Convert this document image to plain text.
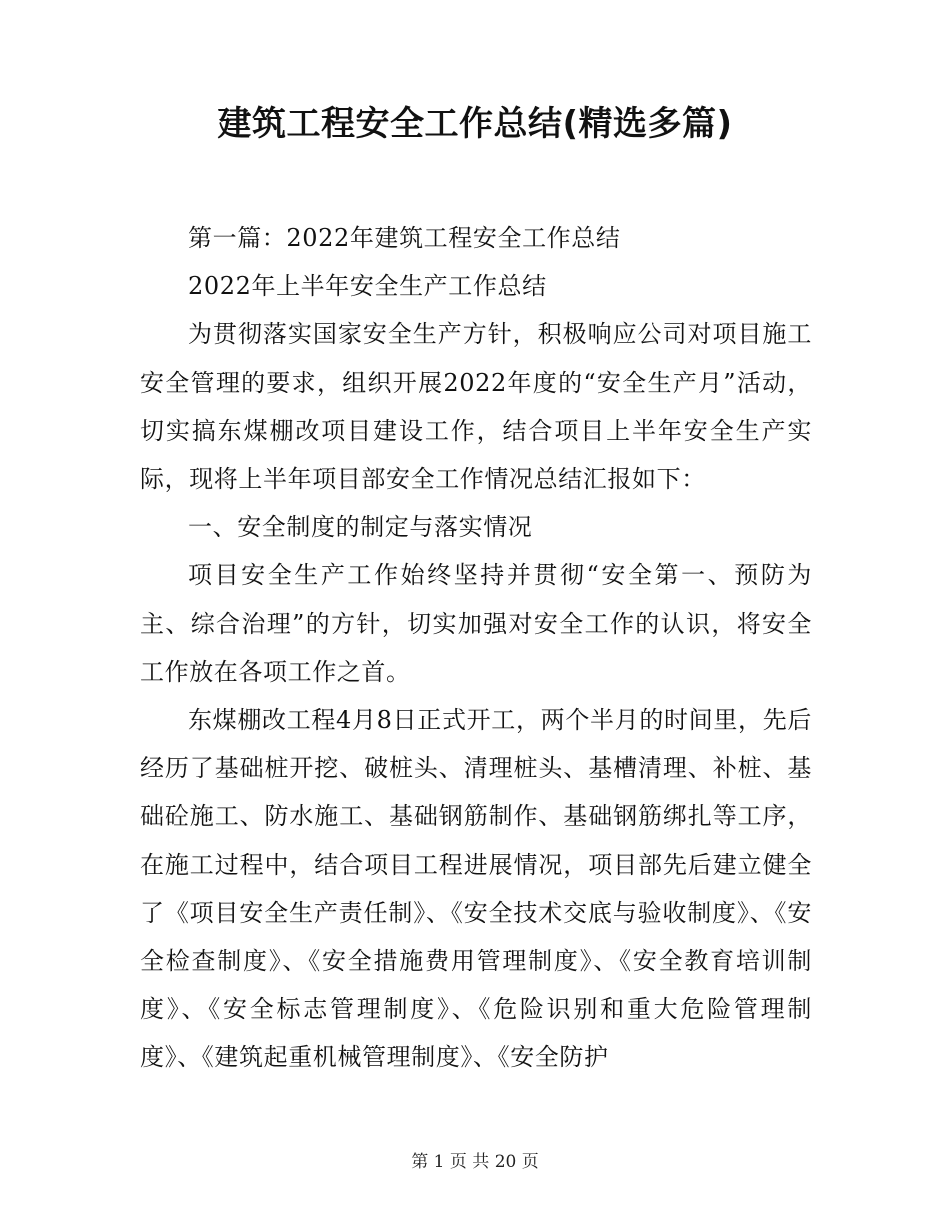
建筑工程安全工作总结(精选多篇)

第一篇：2022年建筑工程安全工作总结

2022年上半年安全生产工作总结

为贯彻落实国家安全生产方针，积极响应公司对项目施工安全管理的要求，组织开展2022年度的“安全生产月”活动，切实搞东煤棚改项目建设工作，结合项目上半年安全生产实际，现将上半年项目部安全工作情况总结汇报如下：

一、安全制度的制定与落实情况

项目安全生产工作始终坚持并贯彻“安全第一、预防为主、综合治理”的方针，切实加强对安全工作的认识，将安全工作放在各项工作之首。

东煤棚改工程4月8日正式开工，两个半月的时间里，先后经历了基础桩开挖、破桩头、清理桩头、基槽清理、补桩、基础砼施工、防水施工、基础钢筋制作、基础钢筋绑扎等工序，在施工过程中，结合项目工程进展情况，项目部先后建立健全了《项目安全生产责任制》、《安全技术交底与验收制度》、《安全检查制度》、《安全措施费用管理制度》、《安全教育培训制度》、《安全标志管理制度》、《危险识别和重大危险管理制度》、《建筑起重机械管理制度》、《安全防护

第 1 页 共 20 页
